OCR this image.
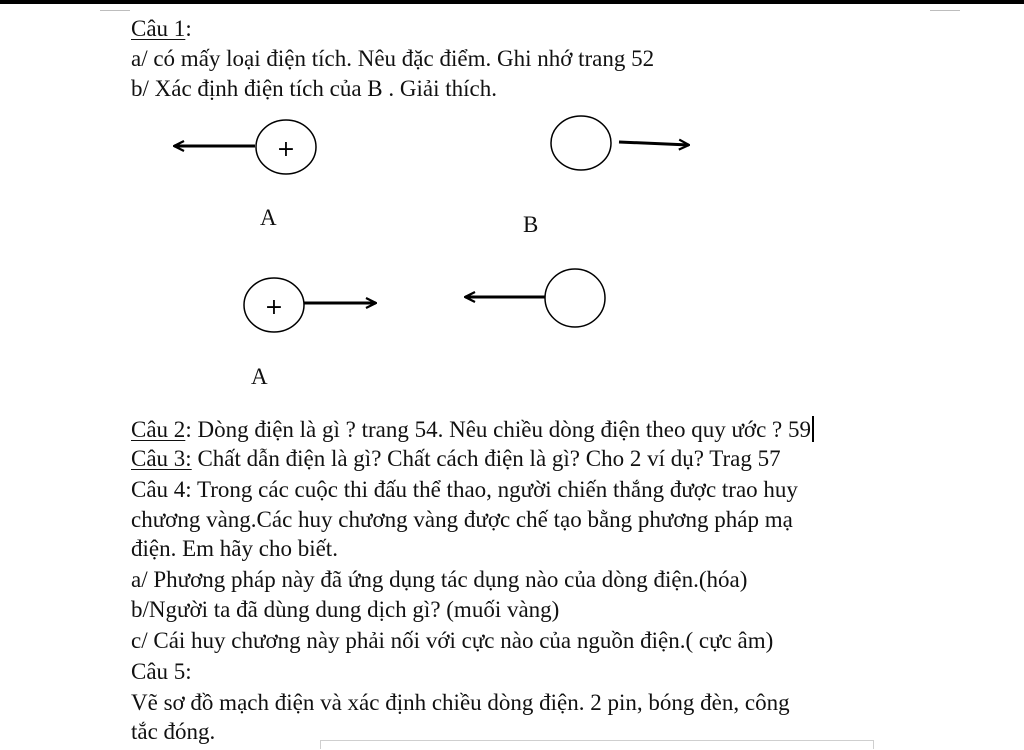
Câu 1:
a/ có mấy loại điện tích. Nêu đặc điểm. Ghi nhớ trang 52
b/ Xác định điện tích của B . Giải thích.
+
+
A	B
A
Câu 2: Dòng điện là gì ? trang 54. Nêu chiều dòng điện theo quy ước ? 59
Câu 3: Chất dẫn điện là gì? Chất cách điện là gì? Cho 2 ví dụ? Trag 57
Câu 4: Trong các cuộc thi đấu thể thao, người chiến thắng được trao huy
chương vàng.Các huy chương vàng được chế tạo bằng phương pháp mạ
điện. Em hãy cho biết.
a/ Phương pháp này đã ứng dụng tác dụng nào của dòng điện.(hóa)
b/Người ta đã dùng dung dịch gì? (muối vàng)
c/ Cái huy chương này phải nối với cực nào của nguồn điện.( cực âm)
Câu 5:
Vẽ sơ đồ mạch điện và xác định chiều dòng điện. 2 pin, bóng đèn, công
tắc đóng.
